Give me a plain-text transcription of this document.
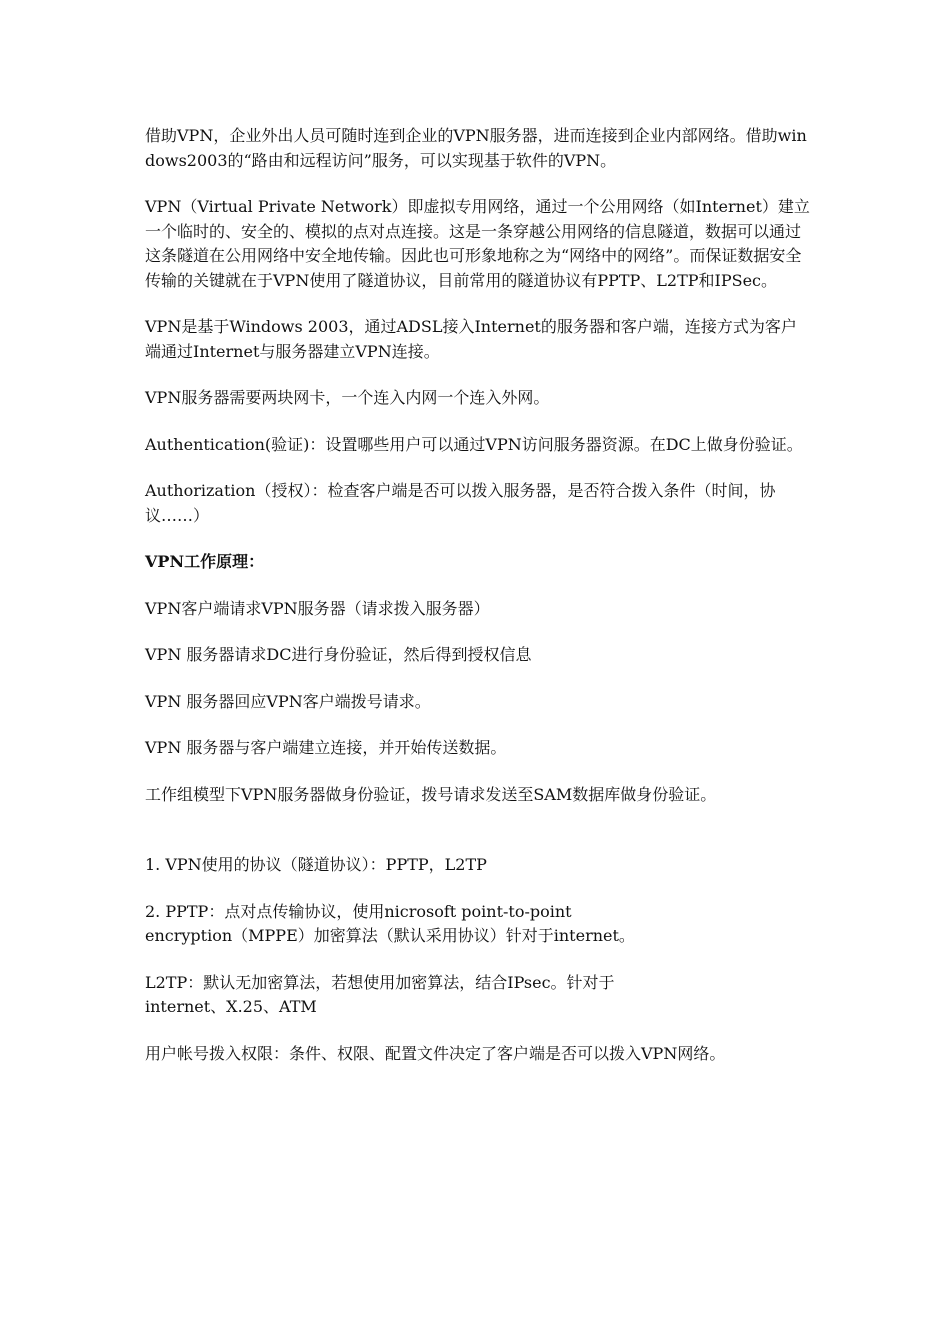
借助VPN，企业外出人员可随时连到企业的VPN服务器，进而连接到企业内部网络。借助windows2003的“路由和远程访问”服务，可以实现基于软件的VPN。

VPN（Virtual Private Network）即虚拟专用网络，通过一个公用网络（如Internet）建立一个临时的、安全的、模拟的点对点连接。这是一条穿越公用网络的信息隧道，数据可以通过这条隧道在公用网络中安全地传输。因此也可形象地称之为“网络中的网络”。而保证数据安全传输的关键就在于VPN使用了隧道协议，目前常用的隧道协议有PPTP、L2TP和IPSec。

VPN是基于Windows 2003，通过ADSL接入Internet的服务器和客户端，连接方式为客户端通过Internet与服务器建立VPN连接。

VPN服务器需要两块网卡，一个连入内网一个连入外网。

Authentication(验证)：设置哪些用户可以通过VPN访问服务器资源。在DC上做身份验证。

Authorization（授权）：检查客户端是否可以拨入服务器，是否符合拨入条件（时间，协议……）

VPN工作原理：

VPN客户端请求VPN服务器（请求拨入服务器）

VPN 服务器请求DC进行身份验证，然后得到授权信息

VPN 服务器回应VPN客户端拨号请求。

VPN 服务器与客户端建立连接，并开始传送数据。

工作组模型下VPN服务器做身份验证，拨号请求发送至SAM数据库做身份验证。

1. VPN使用的协议（隧道协议）：PPTP，L2TP

2. PPTP：点对点传输协议，使用nicrosoft point-to-point
encryption（MPPE）加密算法（默认采用协议）针对于internet。

L2TP：默认无加密算法，若想使用加密算法，结合IPsec。针对于
internet、X.25、ATM

用户帐号拨入权限：条件、权限、配置文件决定了客户端是否可以拨入VPN网络。
